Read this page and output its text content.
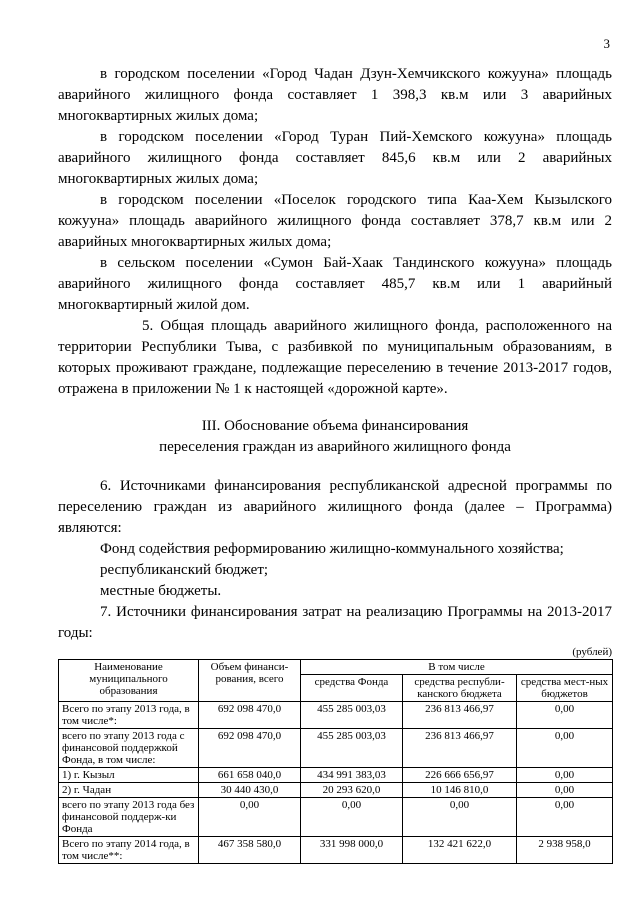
3

в городском поселении «Город Чадан Дзун-Хемчикского кожууна» площадь аварийного жилищного фонда составляет 1 398,3 кв.м или 3 аварийных многоквартирных жилых дома;

в городском поселении «Город Туран Пий-Хемского кожууна» площадь аварийного жилищного фонда составляет 845,6 кв.м или 2 аварийных многоквартирных жилых дома;

в городском поселении «Поселок городского типа Каа-Хем Кызылского кожууна» площадь аварийного жилищного фонда составляет 378,7 кв.м или 2 аварийных многоквартирных жилых дома;

в сельском поселении «Сумон Бай-Хаак Тандинского кожууна» площадь аварийного жилищного фонда составляет 485,7 кв.м или 1 аварийный многоквартирный жилой дом.

5. Общая площадь аварийного жилищного фонда, расположенного на территории Республики Тыва, с разбивкой по муниципальным образованиям, в которых проживают граждане, подлежащие переселению в течение 2013-2017 годов, отражена в приложении № 1 к настоящей «дорожной карте».

III. Обоснование объема финансирования
переселения граждан из аварийного жилищного фонда

6. Источниками финансирования республиканской адресной программы по переселению граждан из аварийного жилищного фонда (далее – Программа) являются:

Фонд содействия реформированию жилищно-коммунального хозяйства;

республиканский бюджет;

местные бюджеты.

7. Источники финансирования затрат на реализацию Программы на 2013-2017 годы:

(рублей)
Наименование муниципального образования	Объем финанси-рования, всего	В том числе		
		средства Фонда	средства республи-канского бюджета	средства мест-ных бюджетов
Всего по этапу 2013 года, в том числе*:	692 098 470,0	455 285 003,03	236 813 466,97	0,00
всего по этапу 2013 года с финансовой поддержкой Фонда, в том числе:	692 098 470,0	455 285 003,03	236 813 466,97	0,00
1) г. Кызыл	661 658 040,0	434 991 383,03	226 666 656,97	0,00
2) г. Чадан	30 440 430,0	20 293 620,0	10 146 810,0	0,00
всего по этапу 2013 года без финансовой поддерж-ки Фонда	0,00	0,00	0,00	0,00
Всего по этапу 2014 года, в том числе**:	467 358 580,0	331 998 000,0	132 421 622,0	2 938 958,0
